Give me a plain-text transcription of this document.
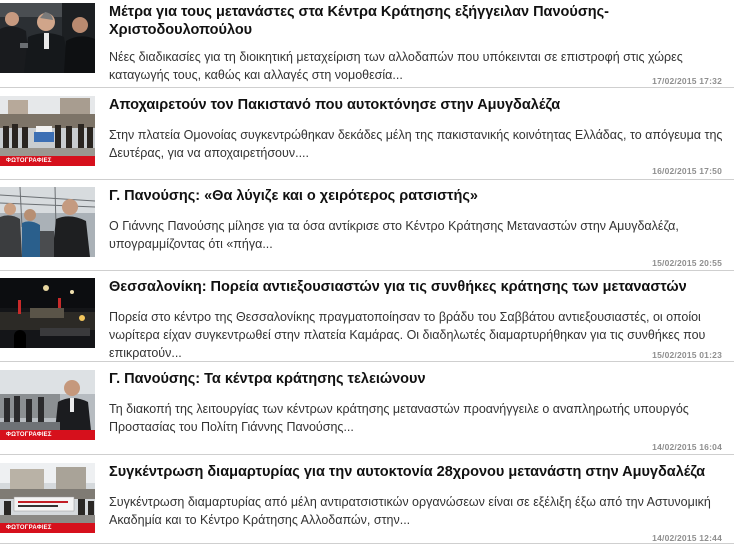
Μέτρα για τους μετανάστες στα Κέντρα Κράτησης εξήγγειλαν Πανούσης-Χριστοδουλοπούλου

Νέες διαδικασίες για τη διοικητική μεταχείριση των αλλοδαπών που υπόκεινται σε επιστροφή στις χώρες καταγωγής τους, καθώς και αλλαγές στη νομοθεσία...	17/02/2015 17:32
ΦΩΤΟΓΡΑΦΙΕΣ
Αποχαιρετούν τον Πακιστανό που αυτοκτόνησε στην Αμυγδαλέζα

Στην πλατεία Ομονοίας συγκεντρώθηκαν δεκάδες μέλη της πακιστανικής κοινότητας Ελλάδας, το απόγευμα της Δευτέρας, για να αποχαιρετήσουν....

16/02/2015 17:50
Γ. Πανούσης: «Θα λύγιζε και ο χειρότερος ρατσιστής»

Ο Γιάννης Πανούσης μίλησε για τα όσα αντίκρισε στο Κέντρο Κράτησης Μεταναστών στην Αμυγδαλέζα, υπογραμμίζοντας ότι «πήγα...

15/02/2015 20:55
Θεσσαλονίκη: Πορεία αντιεξουσιαστών για τις συνθήκες κράτησης των μεταναστών

Πορεία στο κέντρο της Θεσσαλονίκης πραγματοποίησαν το βράδυ του Σαββάτου αντιεξουσιαστές, οι οποίοι νωρίτερα είχαν συγκεντρωθεί στην πλατεία Καμάρας. Οι διαδηλωτές διαμαρτυρήθηκαν για τις συνθήκες που επικρατούν...	15/02/2015 01:23
ΦΩΤΟΓΡΑΦΙΕΣ
Γ. Πανούσης: Τα κέντρα κράτησης τελειώνουν

Τη διακοπή της λειτουργίας των κέντρων κράτησης μεταναστών προανήγγειλε ο αναπληρωτής υπουργός Προστασίας του Πολίτη Γιάννης Πανούσης...

14/02/2015 16:04
ΦΩΤΟΓΡΑΦΙΕΣ
Συγκέντρωση διαμαρτυρίας για την αυτοκτονία 28χρονου μετανάστη στην Αμυγδαλέζα

Συγκέντρωση διαμαρτυρίας από μέλη αντιρατσιστικών οργανώσεων είναι σε εξέλιξη έξω από την Αστυνομική Ακαδημία και το Κέντρο Κράτησης Αλλοδαπών, στην...

14/02/2015 12:44
